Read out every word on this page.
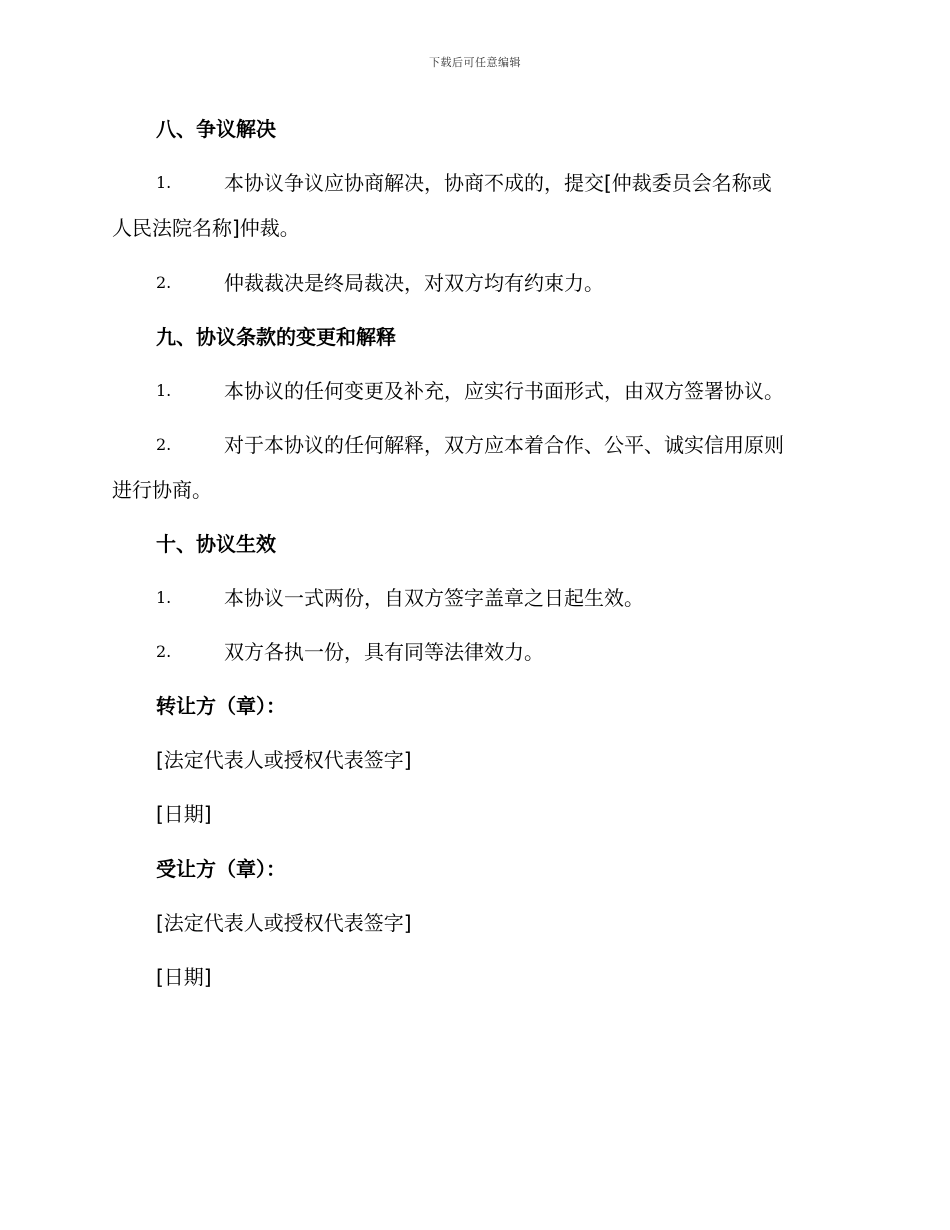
下载后可任意编辑
八、争议解决
1.	本协议争议应协商解决，协商不成的，提交[仲裁委员会名称或
人民法院名称]仲裁。
2.	仲裁裁决是终局裁决，对双方均有约束力。
九、协议条款的变更和解释
1.	本协议的任何变更及补充，应实行书面形式，由双方签署协议。
2.	对于本协议的任何解释，双方应本着合作、公平、诚实信用原则
进行协商。
十、协议生效
1.	本协议一式两份，自双方签字盖章之日起生效。
2.	双方各执一份，具有同等法律效力。
转让方（章）：
[法定代表人或授权代表签字]
[日期]
受让方（章）：
[法定代表人或授权代表签字]
[日期]
